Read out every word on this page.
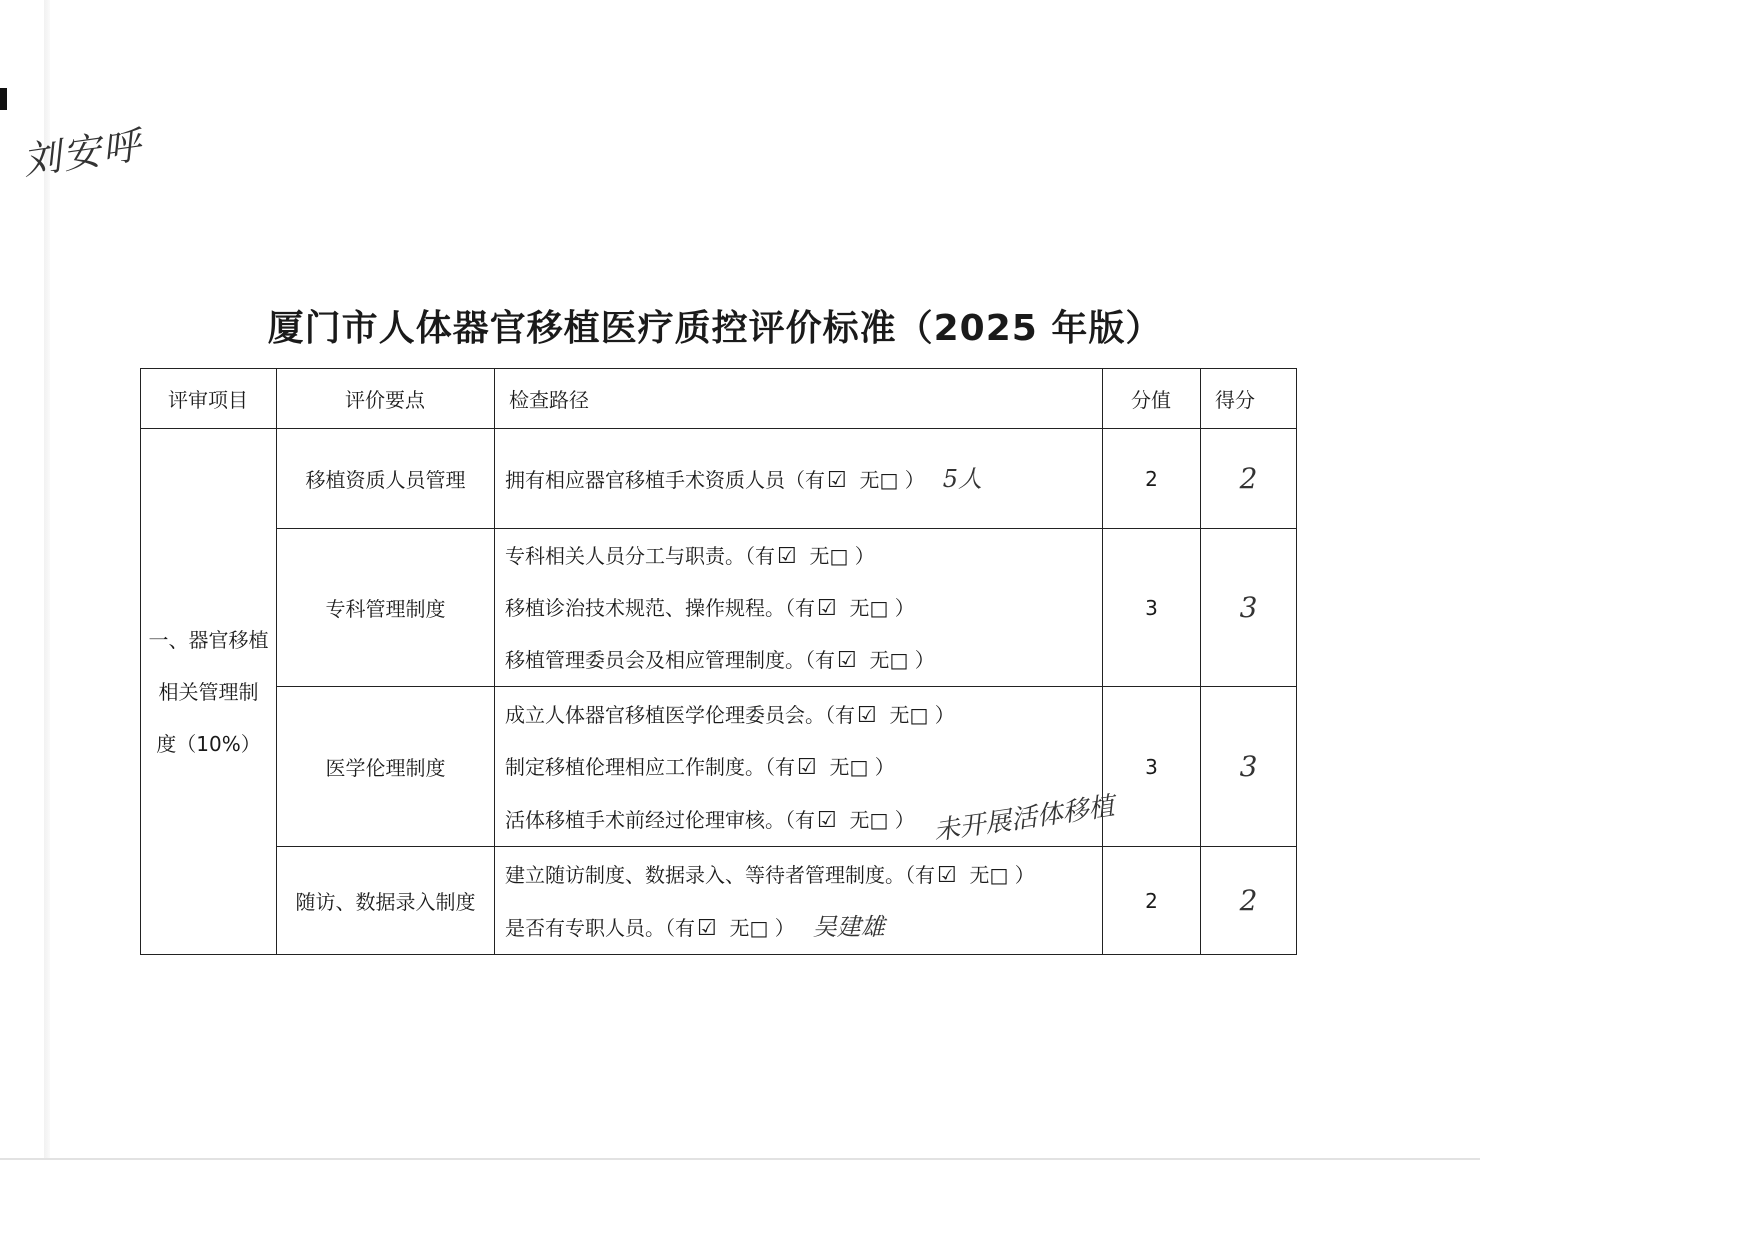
刘安呼
厦门市人体器官移植医疗质控评价标准（2025 年版）
评审项目	评价要点	检查路径	分值	得分

一、器官移植
相关管理制
度（10%）	移植资质人员管理	拥有相应器官移植手术资质人员（有☑ 无□ ） 5人	2	2
	专科管理制度	专科相关人员分工与职责。（有☑ 无□ ）
移植诊治技术规范、操作规程。（有☑ 无□ ）
移植管理委员会及相应管理制度。（有☑ 无□ ）	3	3
	医学伦理制度	成立人体器官移植医学伦理委员会。（有☑ 无□ ）
制定移植伦理相应工作制度。（有☑ 无□ ）
活体移植手术前经过伦理审核。（有☑ 无□ ） 未开展活体移植	3	3
	随访、数据录入制度	建立随访制度、数据录入、等待者管理制度。（有☑ 无□ ）
是否有专职人员。（有☑ 无□ ） 吴建雄	2	2
